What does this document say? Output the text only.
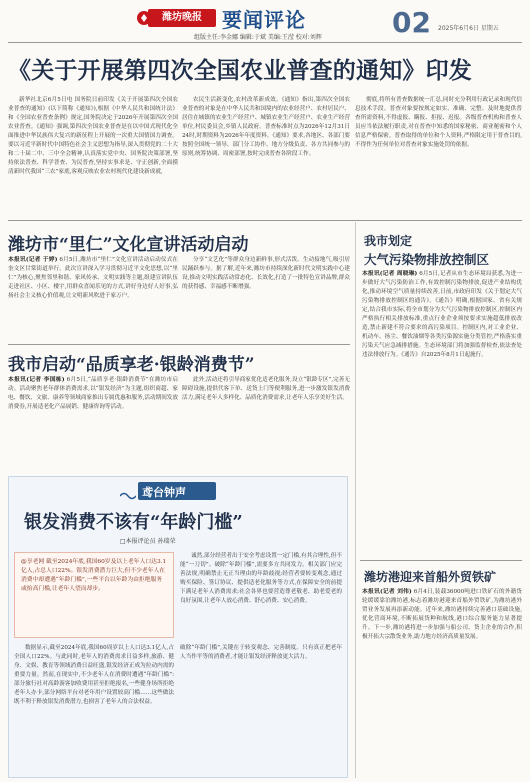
潍坊晚报	要闻评论	02 2025年6月6日 星期五
组版主任:李金娜 编辑:于斌 美编:王滢 校对:刘辉
《关于开展第四次全国农业普查的通知》印发

新华社北京6月5日电 国务院日前印发《关于开展第四次全国农业普查的通知》(以下简称《通知》),根据《中华人民共和国统计法》和《全国农业普查条例》规定,国务院决定于2026年开展第四次全国农业普查。《通知》强调,第四次全国农业普查是在以中国式现代化全面推进中华民族伟大复兴的新征程上开展的一次重大国情国力调查。要以习近平新时代中国特色社会主义思想为指导,深入贯彻党的二十大和二十届二中、三中全会精神,认真落实党中央、国务院决策部署,坚持依法普查、科学普查、为民普查,坚持实事求是、守正创新,全面摸清新时代我国“三农”家底,客观反映农业农村现代化建设新成就,

农民生活新变化,农村改革新成效。《通知》指出,第四次全国农业普查的对象是在中华人民共和国境内的农业经营户、农村居民户、居住在城镇的农业生产经营户、城镇农业生产经营户、农业生产经营单位,村民委员会,乡镇人民政府。普查标准时点为2026年12月31日24时,时期资料为2026年年度资料。《通知》要求,各地区、各部门要按照全国统一领导、部门分工协作、地方分级负责、各方共同参与的原则,统筹协调、周密部署,按时完成普查各阶段工作。

彻底,将所有普查数据统一汇总,同时充分利用行政记录和现代信息技术手段。普查对象要按规定如实、准确、完整、及时地提供普查所需资料,不得虚报、瞒报、拒报、迟报。各级普查机构和普查人员应当依法履行职责,对在普查中知悉的国家秘密、商业秘密和个人信息严格保密。普查取得的单位和个人资料,严格限定用于普查目的,不得作为任何单位对普查对象实施处罚的依据。

潍坊市“里仁”文化宣讲活动启动
本报讯(记者 于婷) 6月5日,潍坊市“里仁”文化宣讲活动启动仪式在奎文区甘棠街道举行。此次宣讲深入学习贯彻习近平文化思想,以“里仁”为核心,聚焦邻里和谐、家风传承、文明实践等主题,组建宣讲队伍走进社区、小区、楼宇,用群众喜闻乐见的方式,讲好身边好人好事,弘扬社会主义核心价值观,让文明新风吹进千家万户。

分享“文艺化”等群众身边新鲜事,形式活泼、生动接地气,吸引居民踊跃参与。据了解,近年来,潍坊市持续深化新时代文明实践中心建设,推动文明实践活动常态化、长效化,打造了一批特色宣讲品牌,群众的获得感、幸福感不断增强。

我市启动“品质享老·银龄消费节”
本报讯(记者 李国栋) 6月5日,“品质享老·银龄消费节”在潍坊市启动。活动聚焦老年群体消费需求,以“银发经济”为主题,组织商超、家电、餐饮、文旅、康养等领域商家推出专属优惠和服务,活动期间发放消费券,开展适老化产品展销、健康咨询等活动。

此外,活动还将引导商家优化适老化服务,设立“银龄专区”,完善无障碍设施,提供代客下单、送货上门等便利服务,进一步激发银发消费活力,满足老年人多样化、品质化消费需求,让老年人乐享美好生活。

鸢台钟声
银发消费不该有“年龄门槛”
□本报评论员 孙瑞荣
@享老网 截至2024年底,我国60岁及以上老年人口达3.1亿人,占总人口22%。银发消费潜力巨大,但不少老年人在消费中却遭遇“年龄门槛”,一些平台以年龄为由拒绝服务或抬高门槛,让老年人望而却步。

诚然,部分经营者出于安全考虑设置一定门槛,有其合理性,但不能“一刀切”。破除“年龄门槛”,需要多方共同发力。相关部门应完善法规,明确禁止无正当理由的年龄歧视;经营者要转变观念,通过购买保险、签订协议、提供适老化服务等方式,在保障安全的前提下满足老年人消费需求;社会各界也要营造尊老敬老、助老爱老的良好氛围,让老年人放心消费、舒心消费、安心消费。

数据显示,截至2024年底,我国60周岁以上人口达3.1亿人,占全国人口22%。与此同时,老年人的消费需求日益多样,旅游、健身、文娱、教育等领域消费日益旺盛,银发经济正成为拉动内需的重要力量。然而,在现实中,不少老年人在消费时遭遇“年龄门槛”:部分旅行社对高龄游客加收费用甚至拒绝报名,一些健身场所拒绝老年人办卡,部分网络平台对老年用户设置较高门槛……这些做法既不利于释放银发消费潜力,也损害了老年人的合法权益。

破除“年龄门槛”,关键在于转变观念、完善制度。只有真正把老年人当作平等的消费者,才能让银发经济释放更大活力。

我市划定
大气污染物排放控制区
本报讯(记者 周晓琳) 6月5日,记者从市生态环境局获悉,为进一步做好大气污染防治工作,有效控制污染物排放,促进产业结构优化,推动环境空气质量持续改善,日前,市政府印发《关于划定大气污染物排放控制区的通告》。《通告》明确,根据国家、省有关规定,结合我市实际,将全市划分为大气污染物排放控制区,控制区内严格执行相关排放标准,重点行业企业须按要求实施超低排放改造,禁止新建不符合要求的高污染项目。控制区内,对工业企业、机动车、扬尘、餐饮油烟等各类污染源实施分类管控,严格落实重污染天气应急减排措施。生态环境部门将加强监督检查,依法查处违法排放行为。《通告》自2025年8月1日起施行。
潍坊港迎来首船外贸铁矿
本报讯(记者 刘伟) 6月4日,装载36000吨进口铁矿石的外籍货轮缓缓靠泊潍坊港,标志着潍坊港迎来首船外贸铁矿,为潍坊港外贸业务发展再添新动能。近年来,潍坊港持续完善港口基础设施,优化营商环境,不断拓展货种和航线,港口综合服务能力显著提升。下一步,潍坊港将进一步加强与船公司、货主企业的合作,积极开拓大宗散货业务,助力地方经济高质量发展。
